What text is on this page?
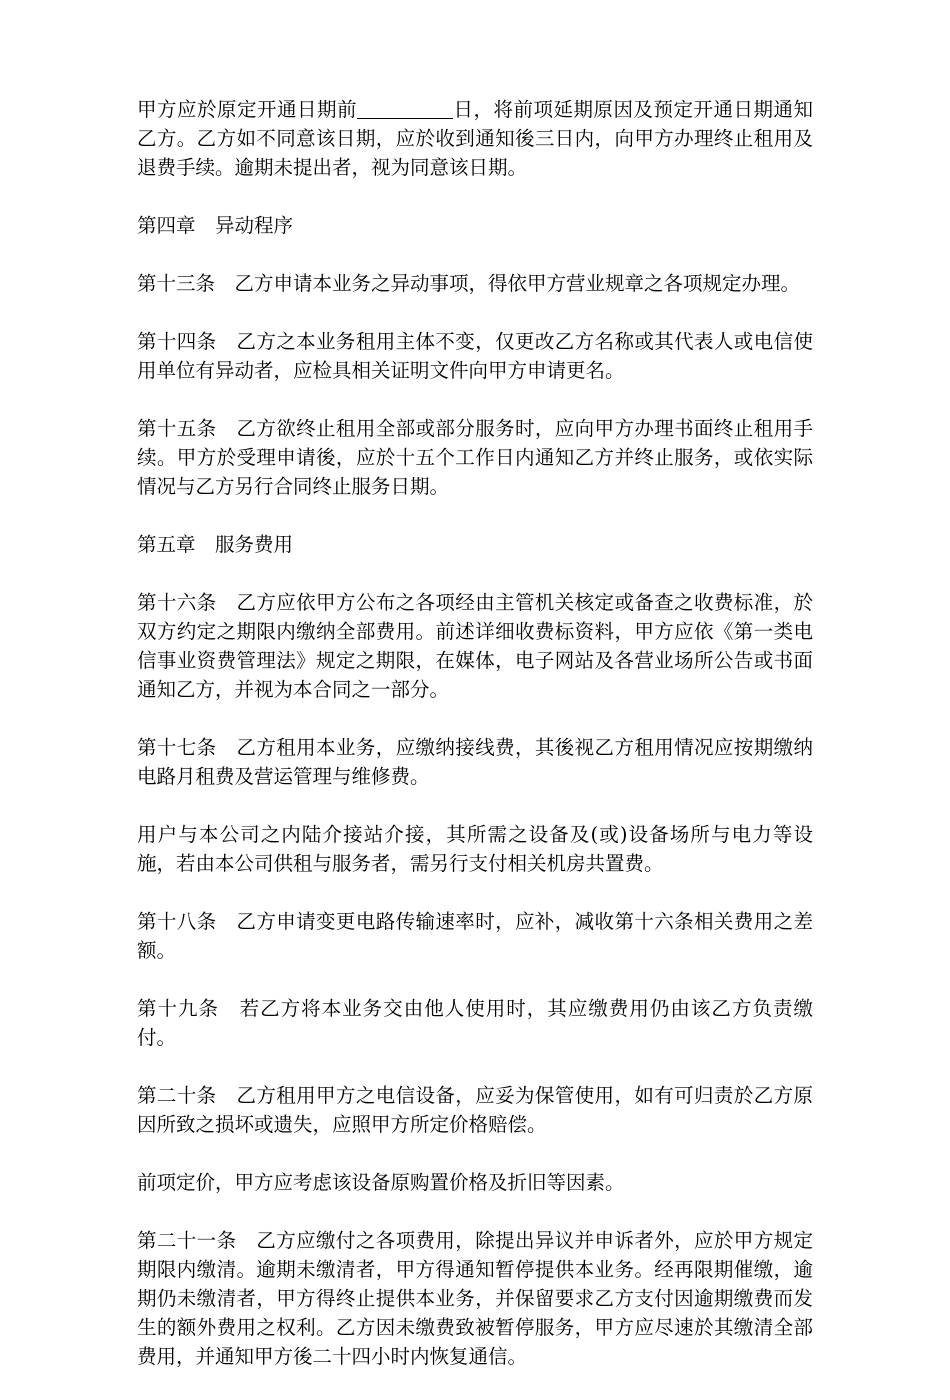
甲方应於原定开通日期前	日，将前项延期原因及预定开通日期通知乙方。乙方如不同意该日期，应於收到通知後三日内，向甲方办理终止租用及退费手续。逾期未提出者，视为同意该日期。

第四章　异动程序

第十三条　乙方申请本业务之异动事项，得依甲方营业规章之各项规定办理。

第十四条　乙方之本业务租用主体不变，仅更改乙方名称或其代表人或电信使用单位有异动者，应检具相关证明文件向甲方申请更名。

第十五条　乙方欲终止租用全部或部分服务时，应向甲方办理书面终止租用手续。甲方於受理申请後，应於十五个工作日内通知乙方并终止服务，或依实际情况与乙方另行合同终止服务日期。

第五章　服务费用

第十六条　乙方应依甲方公布之各项经由主管机关核定或备查之收费标准，於双方约定之期限内缴纳全部费用。前述详细收费标资料，甲方应依《第一类电信事业资费管理法》规定之期限，在媒体，电子网站及各营业场所公告或书面通知乙方，并视为本合同之一部分。

第十七条　乙方租用本业务，应缴纳接线费，其後视乙方租用情况应按期缴纳电路月租费及营运管理与维修费。

用户与本公司之内陆介接站介接，其所需之设备及(或)设备场所与电力等设施，若由本公司供租与服务者，需另行支付相关机房共置费。

第十八条　乙方申请变更电路传输速率时，应补，减收第十六条相关费用之差额。

第十九条　若乙方将本业务交由他人使用时，其应缴费用仍由该乙方负责缴付。

第二十条　乙方租用甲方之电信设备，应妥为保管使用，如有可归责於乙方原因所致之损坏或遗失，应照甲方所定价格赔偿。

前项定价，甲方应考虑该设备原购置价格及折旧等因素。

第二十一条　乙方应缴付之各项费用，除提出异议并申诉者外，应於甲方规定期限内缴清。逾期未缴清者，甲方得通知暂停提供本业务。经再限期催缴，逾期仍未缴清者，甲方得终止提供本业务，并保留要求乙方支付因逾期缴费而发生的额外费用之权利。乙方因未缴费致被暂停服务，甲方应尽速於其缴清全部费用，并通知甲方後二十四小时内恢复通信。
